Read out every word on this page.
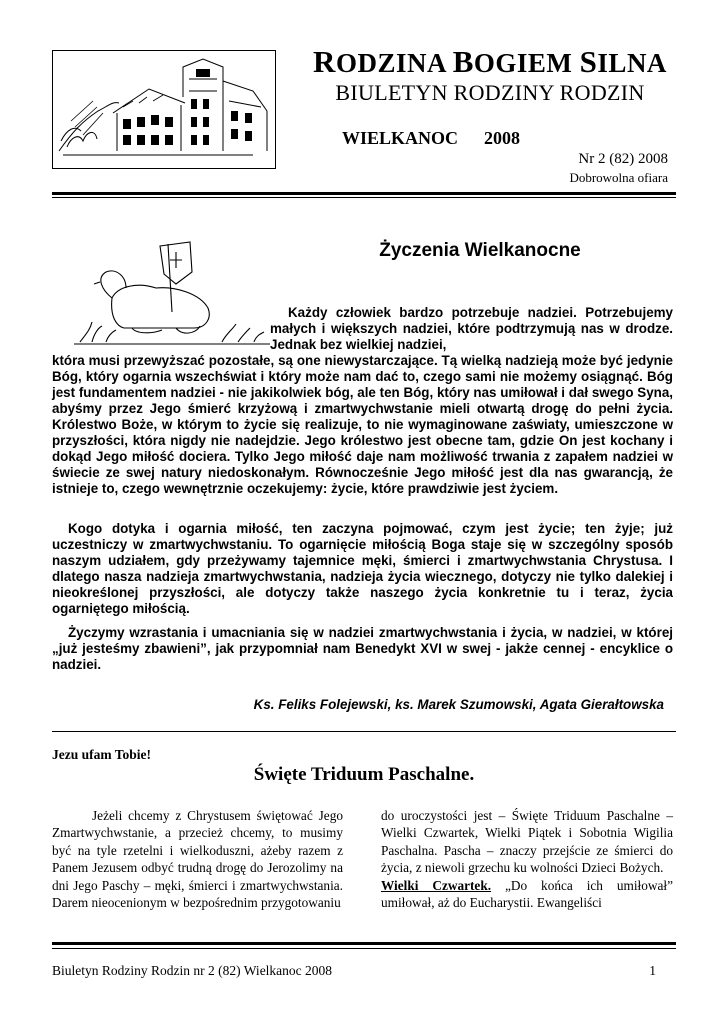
RODZINA BOGIEM SILNA
BIULETYN RODZINY RODZIN
WIELKANOC 2008
Nr 2 (82) 2008
Dobrowolna ofiara
Życzenia Wielkanocne
Każdy człowiek bardzo potrzebuje nadziei. Potrzebujemy małych i większych nadziei, które podtrzymują nas w drodze. Jednak bez wielkiej nadziei,
która musi przewyższać pozostałe, są one niewystarczające. Tą wielką nadzieją może być jedynie Bóg, który ogarnia wszechświat i który może nam dać to, czego sami nie możemy osiągnąć. Bóg jest fundamentem nadziei - nie jakikolwiek bóg, ale ten Bóg, który nas umiłował i dał swego Syna, abyśmy przez Jego śmierć krzyżową i zmartwychwstanie mieli otwartą drogę do pełni życia. Królestwo Boże, w którym to życie się realizuje, to nie wymaginowane zaświaty, umieszczone w przyszłości, która nigdy nie nadejdzie. Jego królestwo jest obecne tam, gdzie On jest kochany i dokąd Jego miłość dociera. Tylko Jego miłość daje nam możliwość trwania z zapałem nadziei w świecie ze swej natury niedoskonałym. Równocześnie Jego miłość jest dla nas gwarancją, że istnieje to, czego wewnętrznie oczekujemy: życie, które prawdziwie jest życiem.
Kogo dotyka i ogarnia miłość, ten zaczyna pojmować, czym jest życie; ten żyje; już uczestniczy w zmartwychwstaniu. To ogarnięcie miłością Boga staje się w szczególny sposób naszym udziałem, gdy przeżywamy tajemnice męki, śmierci i zmartwychwstania Chrystusa. I dlatego nasza nadzieja zmartwychwstania, nadzieja życia wiecznego, dotyczy nie tylko dalekiej i nieokreślonej przyszłości, ale dotyczy także naszego życia konkretnie tu i teraz, życia ogarniętego miłością.
Życzymy wzrastania i umacniania się w nadziei zmartwychwstania i życia, w nadziei, w której „już jesteśmy zbawieni”, jak przypomniał nam Benedykt XVI w swej - jakże cennej - encyklice o nadziei.
Ks. Feliks Folejewski, ks. Marek Szumowski, Agata Gierałtowska
Jezu ufam Tobie!
Święte Triduum Paschalne.
Jeżeli chcemy z Chrystusem świętować Jego Zmartwychwstanie, a przecież chcemy, to musimy być na tyle rzetelni i wielkoduszni, ażeby razem z Panem Jezusem odbyć trudną drogę do Jerozolimy na dni Jego Paschy – męki, śmierci i zmartwychwstania. Darem nieocenionym w bezpośrednim przygotowaniu
do uroczystości jest – Święte Triduum Paschalne – Wielki Czwartek, Wielki Piątek i Sobotnia Wigilia Paschalna. Pascha – znaczy przejście ze śmierci do życia, z niewoli grzechu ku wolności Dzieci Bożych.
Wielki Czwartek. „Do końca ich umiłował” umiłował, aż do Eucharystii. Ewangeliści
Biuletyn Rodziny Rodzin nr 2 (82) Wielkanoc 2008	1
